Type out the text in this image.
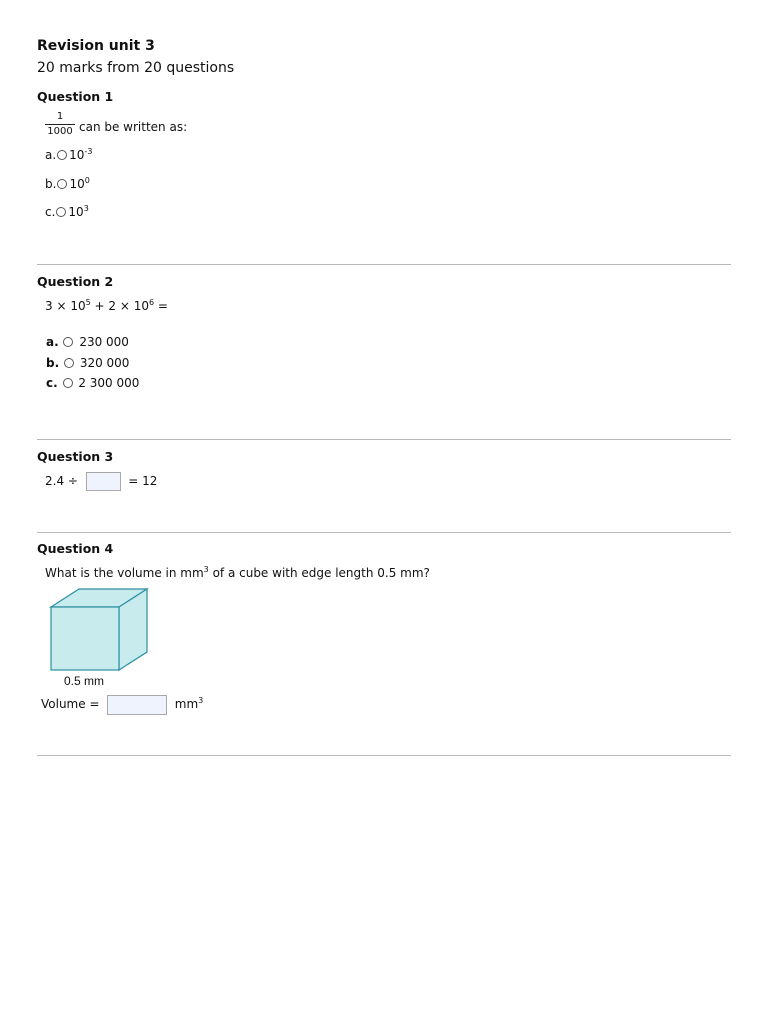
Revision unit 3
20 marks from 20 questions
Question 1
1
1000 can be written as:
a. $10^{-3}$
b. $10^0$
c. $10^3$
Question 2
$3 \times 10^5 + 2 \times 10^6$ =
a. 230 000
b. 320 000
c. 2 300 000
Question 3
2.4 ÷	= 12
Question 4
What is the volume in $mm^3$ of a cube with edge length 0.5 mm?
0.5 mm
Volume =	$mm^3$
